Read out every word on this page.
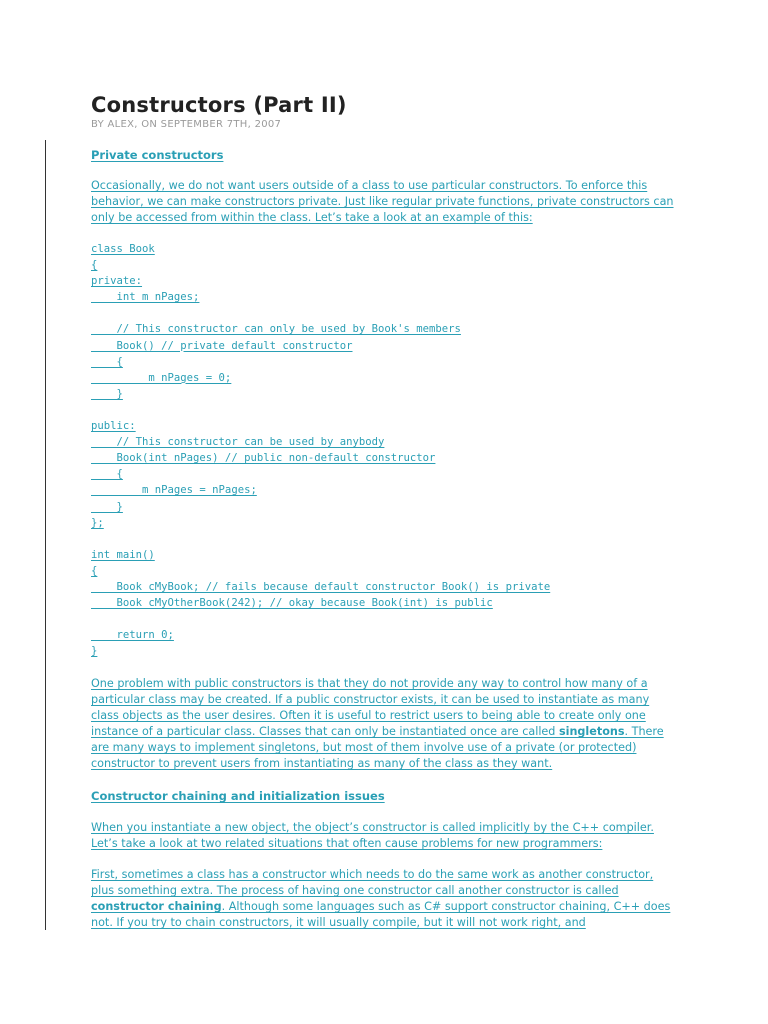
Constructors (Part II)

BY ALEX, ON SEPTEMBER 7TH, 2007

Private constructors
Occasionally, we do not want users outside of a class to use particular constructors. To enforce this behavior, we can make constructors private. Just like regular private functions, private constructors can only be accessed from within the class. Let’s take a look at an example of this:
class Book
{
private:
int m_nPages;
// This constructor can only be used by Book's members
Book() // private default constructor
{
m_nPages = 0;
}
public:
// This constructor can be used by anybody
Book(int nPages) // public non-default constructor
{
m_nPages = nPages;
}
};
int main()
{
Book cMyBook; // fails because default constructor Book() is private
Book cMyOtherBook(242); // okay because Book(int) is public
return 0;
}
One problem with public constructors is that they do not provide any way to control how many of a particular class may be created. If a public constructor exists, it can be used to instantiate as many class objects as the user desires. Often it is useful to restrict users to being able to create only one instance of a particular class. Classes that can only be instantiated once are called singletons. There are many ways to implement singletons, but most of them involve use of a private (or protected) constructor to prevent users from instantiating as many of the class as they want.
Constructor chaining and initialization issues
When you instantiate a new object, the object’s constructor is called implicitly by the C++ compiler. Let’s take a look at two related situations that often cause problems for new programmers:
First, sometimes a class has a constructor which needs to do the same work as another constructor, plus something extra. The process of having one constructor call another constructor is called constructor chaining. Although some languages such as C# support constructor chaining, C++ does not. If you try to chain constructors, it will usually compile, but it will not work right, and
